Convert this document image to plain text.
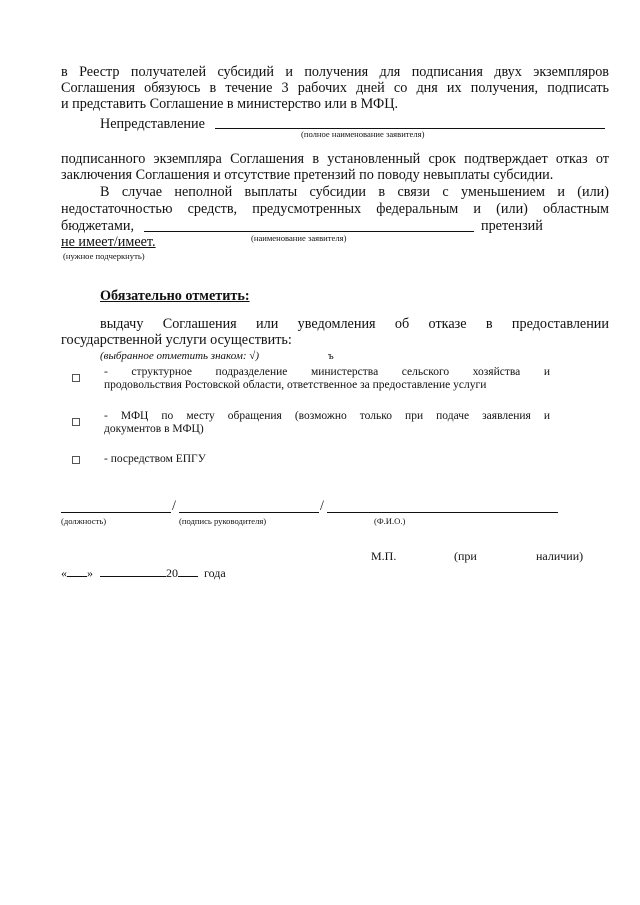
в Реестр получателей субсидий и получения для подписания двух экземпляров
Соглашения обязуюсь в течение 3 рабочих дней со дня их получения, подписать
и представить Соглашение в министерство или в МФЦ.
Непредставление
(полное наименование заявителя)
подписанного экземпляра Соглашения в установленный срок подтверждает отказ от
заключения Соглашения и отсутствие претензий по поводу невыплаты субсидии.
В случае неполной выплаты субсидии в связи с уменьшением и (или)
недостаточностью средств, предусмотренных федеральным и (или) областным
бюджетами,	претензий
(наименование заявителя)
не имеет/имеет.
(нужное подчеркнуть)
Обязательно отметить:
выдачу Соглашения или уведомления об отказе в предоставлении
государственной услуги осуществить:
(выбранное отметить знаком: √)	ъ
- структурное подразделение министерства сельского хозяйства и
продовольствия Ростовской области, ответственное за предоставление услуги
- МФЦ по месту обращения (возможно только при подаче заявления и
документов в МФЦ)
- посредством ЕПГУ
/	/
(должность)	(подпись руководителя)	(Ф.И.О.)
М.П.	(при	наличии)
« »	20 года
